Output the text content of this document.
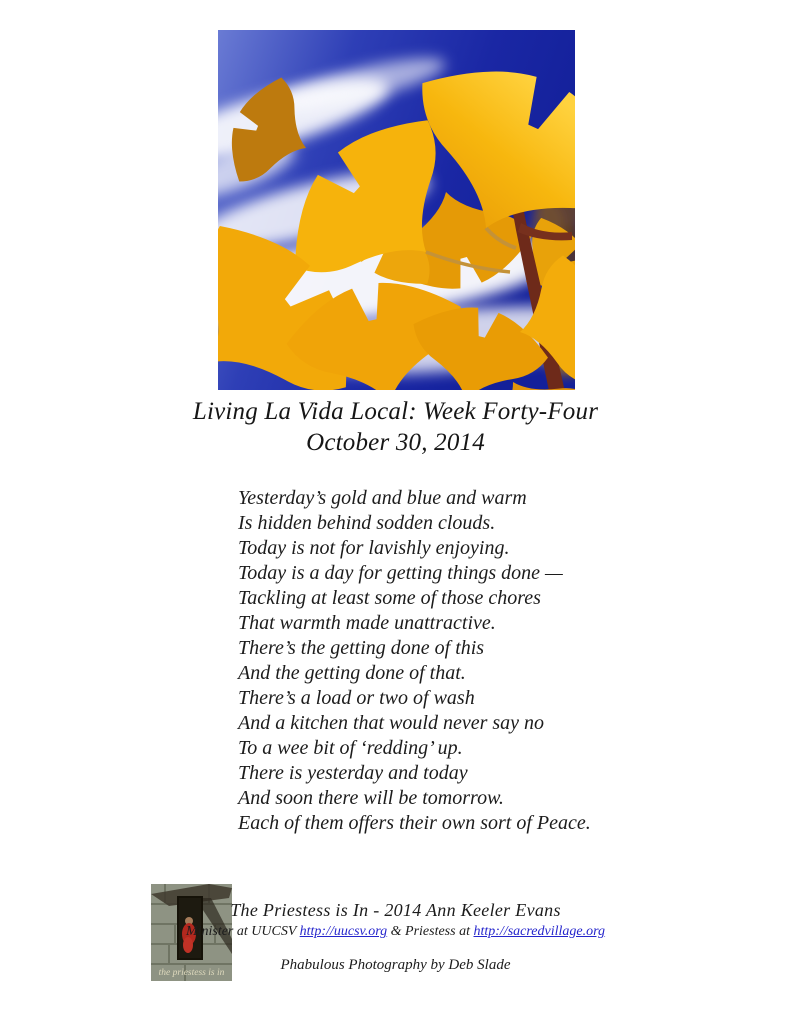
Living La Vida Local: Week Forty-Four
October 30, 2014
Yesterday’s gold and blue and warm
Is hidden behind sodden clouds.
Today is not for lavishly enjoying.
Today is a day for getting things done —
Tackling at least some of those chores
That warmth made unattractive.
There’s the getting done of this
And the getting done of that.
There’s a load or two of wash
And a kitchen that would never say no
To a wee bit of ‘redding’ up.
There is yesterday and today
And soon there will be tomorrow.
Each of them offers their own sort of Peace.
the priestess is in
The Priestess is In - 2014 Ann Keeler Evans
Minister at UUCSV http://uucsv.org & Priestess at http://sacredvillage.org
Phabulous Photography by Deb Slade
